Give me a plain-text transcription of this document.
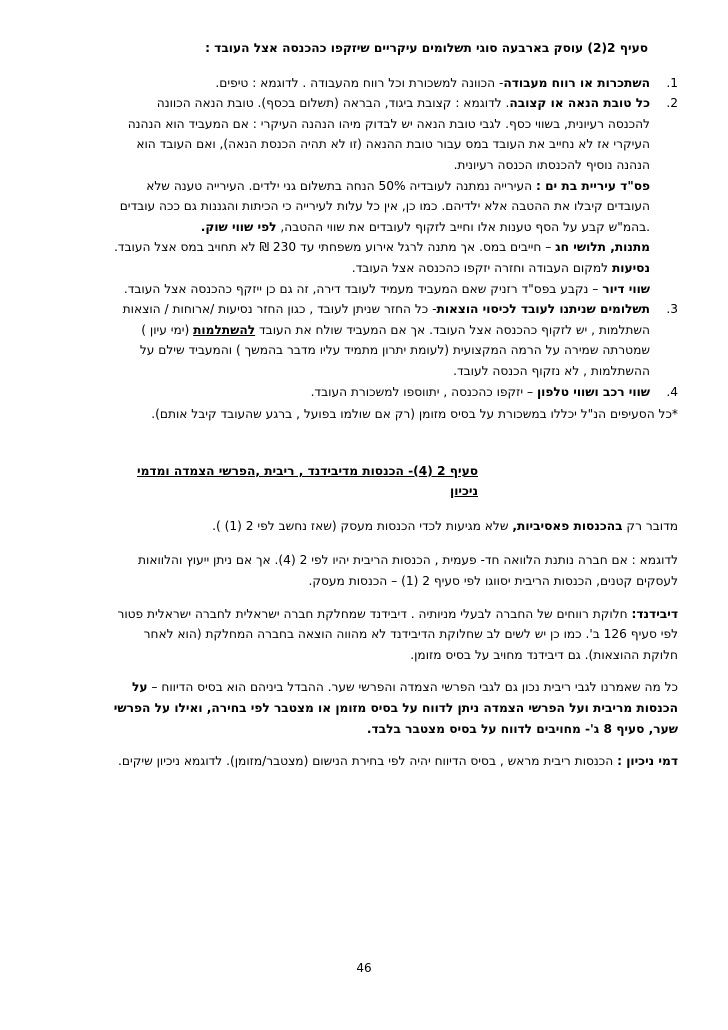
סעיף 2(2) עוסק בארבעה סוגי תשלומים עיקריים שיזקפו כהכנסה אצל העובד :

1.
השתכרות או רווח מעבודה- הכוונה למשכורת וכל רווח מהעבודה . לדוגמא : טיפים.
2.
כל טובת הנאה או קצובה. לדוגמא : קצובת ביגוד, הבראה (תשלום בכסף). טובת הנאה הכוונה להכנסה רעיונית, בשווי כסף. לגבי טובת הנאה יש לבדוק מיהו הנהנה העיקרי : אם המעביד הוא הנהנה העיקרי אז לא נחייב את העובד במס עבור טובת ההנאה (זו לא תהיה הכנסת הנאה), ואם העובד הוא הנהנה נוסיף להכנסתו הכנסה רעיונית.
פס"ד עיריית בת ים : העירייה נמתנה לעובדיה 50% הנחה בתשלום גני ילדים. העירייה טענה שלא העובדים קיבלו את ההטבה אלא ילדיהם. כמו כן, אין כל עלות לעירייה כי הכיתות והגננות גם ככה עובדים .בהמ"ש קבע על הסף טענות אלו וחייב לזקוף לעובדים את שווי ההטבה, לפי שווי שוק.
מתנות, תלושי חג – חייבים במס. אך מתנה לרגל אירוע משפחתי עד 230 ₪ לא תחויב במס אצל העובד.
נסיעות למקום העבודה וחזרה יזקפו כהכנסה אצל העובד.
שווי דיור – נקבע בפס"ד רזניק שאם המעביד מעמיד לעובד דירה, זה גם כן ייזקף כהכנסה אצל העובד.
3.
תשלומים שניתנו לעובד לכיסוי הוצאות- כל החזר שניתן לעובד , כגון החזר נסיעות /ארוחות / הוצאות השתלמות , יש לזקוף כהכנסה אצל העובד. אך אם המעביד שולח את העובד להשתלמות (ימי עיון ) שמטרתה שמירה על הרמה המקצועית (לעומת יתרון מתמיד עליו מדבר בהמשך ) והמעביד שילם על ההשתלמות , לא נזקוף הכנסה לעובד.
4.
שווי רכב ושווי טלפון – יזקפו כהכנסה , יתווספו למשכורת העובד.

*כל הסעיפים הנ"ל יכללו במשכורת על בסיס מזומן (רק אם שולמו בפועל , ברגע שהעובד קיבל אותם).

סעיף 2 (4)- הכנסות מדיבידנד , ריבית ,הפרשי הצמדה ומדמי ניכיון

מדובר רק בהכנסות פאסיביות, שלא מגיעות לכדי הכנסות מעסק (שאז נחשב לפי 2 (1) ).

לדוגמא : אם חברה נותנת הלוואה חד- פעמית , הכנסות הריבית יהיו לפי 2 (4). אך אם ניתן ייעוץ והלוואות לעסקים קטנים, הכנסות הריבית יסווגו לפי סעיף 2 (1) – הכנסות מעסק.

דיבידנד: חלוקת רווחים של החברה לבעלי מניותיה . דיבידנד שמחלקת חברה ישראלית לחברה ישראלית פטור לפי סעיף 126 ב'. כמו כן יש לשים לב שחלוקת הדיבידנד לא מהווה הוצאה בחברה המחלקת (הוא לאחר חלוקת ההוצאות). גם דיבידנד מחויב על בסיס מזומן.

כל מה שאמרנו לגבי ריבית נכון גם לגבי הפרשי הצמדה והפרשי שער. ההבדל ביניהם הוא בסיס הדיווח – על הכנסות מריבית ועל הפרשי הצמדה ניתן לדווח על בסיס מזומן או מצטבר לפי בחירה, ואילו על הפרשי שער, סעיף 8 ג'- מחויבים לדווח על בסיס מצטבר בלבד.

דמי ניכיון : הכנסות ריבית מראש , בסיס הדיווח יהיה לפי בחירת הנישום (מצטבר/מזומן). לדוגמא ניכיון שיקים.

46
